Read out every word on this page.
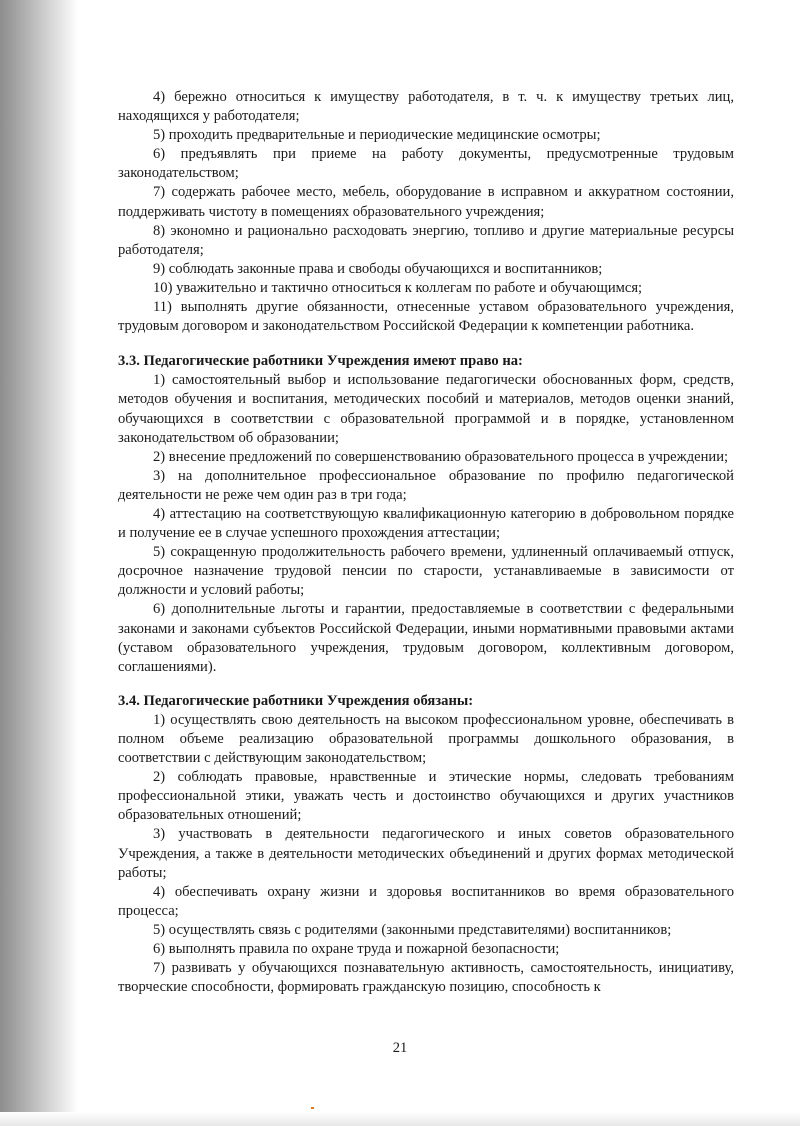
4) бережно относиться к имуществу работодателя, в т. ч. к имуществу третьих лиц, находящихся у работодателя;

5) проходить предварительные и периодические медицинские осмотры;

6) предъявлять при приеме на работу документы, предусмотренные трудовым законодательством;

7) содержать рабочее место, мебель, оборудование в исправном и аккуратном состоянии, поддерживать чистоту в помещениях образовательного учреждения;

8) экономно и рационально расходовать энергию, топливо и другие материальные ресурсы работодателя;

9) соблюдать законные права и свободы обучающихся и воспитанников;

10) уважительно и тактично относиться к коллегам по работе и обучающимся;

11) выполнять другие обязанности, отнесенные уставом образовательного учреждения, трудовым договором и законодательством Российской Федерации к компетенции работника.

3.3. Педагогические работники Учреждения имеют право на:

1) самостоятельный выбор и использование педагогически обоснованных форм, средств, методов обучения и воспитания, методических пособий и материалов, методов оценки знаний, обучающихся в соответствии с образовательной программой и в порядке, установленном законодательством об образовании;

2) внесение предложений по совершенствованию образовательного процесса в учреждении;

3) на дополнительное профессиональное образование по профилю педагогической деятельности не реже чем один раз в три года;

4) аттестацию на соответствующую квалификационную категорию в добровольном порядке и получение ее в случае успешного прохождения аттестации;

5) сокращенную продолжительность рабочего времени, удлиненный оплачиваемый отпуск, досрочное назначение трудовой пенсии по старости, устанавливаемые в зависимости от должности и условий работы;

6) дополнительные льготы и гарантии, предоставляемые в соответствии с федеральными законами и законами субъектов Российской Федерации, иными нормативными правовыми актами (уставом образовательного учреждения, трудовым договором, коллективным договором, соглашениями).

3.4. Педагогические работники Учреждения обязаны:

1) осуществлять свою деятельность на высоком профессиональном уровне, обеспечивать в полном объеме реализацию образовательной программы дошкольного образования, в соответствии с действующим законодательством;

2) соблюдать правовые, нравственные и этические нормы, следовать требованиям профессиональной этики, уважать честь и достоинство обучающихся и других участников образовательных отношений;

3) участвовать в деятельности педагогического и иных советов образовательного Учреждения, а также в деятельности методических объединений и других формах методической работы;

4) обеспечивать охрану жизни и здоровья воспитанников во время образовательного процесса;

5) осуществлять связь с родителями (законными представителями) воспитанников;

6) выполнять правила по охране труда и пожарной безопасности;

7) развивать у обучающихся познавательную активность, самостоятельность, инициативу, творческие способности, формировать гражданскую позицию, способность к

21
